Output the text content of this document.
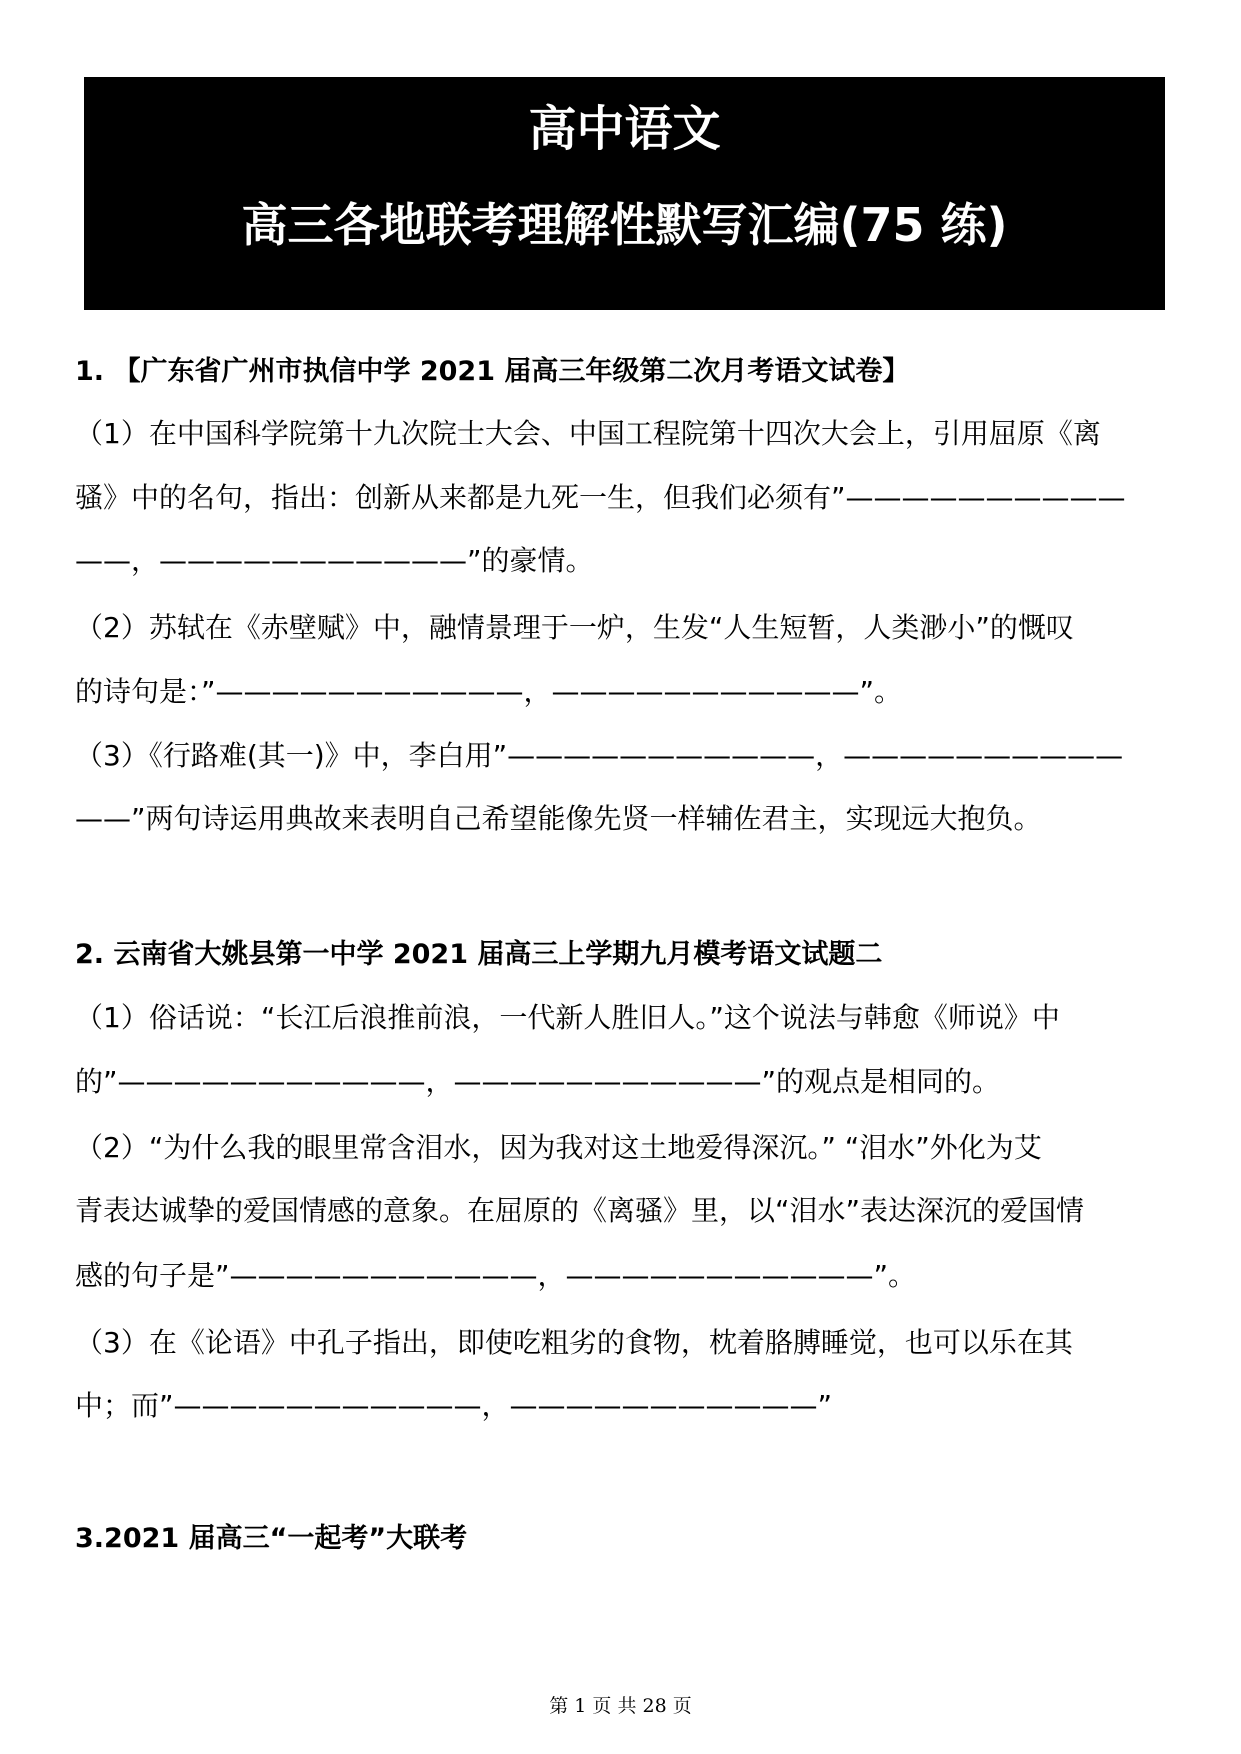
高中语文
高三各地联考理解性默写汇编(75 练)
1. 【广东省广州市执信中学 2021 届高三年级第二次月考语文试卷】
（1）在中国科学院第十九次院士大会、中国工程院第十四次大会上，引用屈原《离
骚》中的名句，指出：创新从来都是九死一生，但我们必须有”——————————
——，———————————”的豪情。
（2）苏轼在《赤壁赋》中，融情景理于一炉，生发“人生短暂，人类渺小”的慨叹
的诗句是：”———————————，———————————”。
（3）《行路难(其一)》中，李白用”———————————，——————————
——”两句诗运用典故来表明自己希望能像先贤一样辅佐君主，实现远大抱负。
2. 云南省大姚县第一中学 2021 届高三上学期九月模考语文试题二
（1）俗话说：“长江后浪推前浪，一代新人胜旧人。”这个说法与韩愈《师说》中
的”———————————，———————————”的观点是相同的。
（2）“为什么我的眼里常含泪水，因为我对这土地爱得深沉。” “泪水”外化为艾
青表达诚挚的爱国情感的意象。在屈原的《离骚》里，以“泪水”表达深沉的爱国情
感的句子是”———————————，———————————”。
（3）在《论语》中孔子指出，即使吃粗劣的食物，枕着胳膊睡觉，也可以乐在其
中；而”———————————，———————————”
3.2021 届高三“一起考”大联考
第 1 页 共 28 页
